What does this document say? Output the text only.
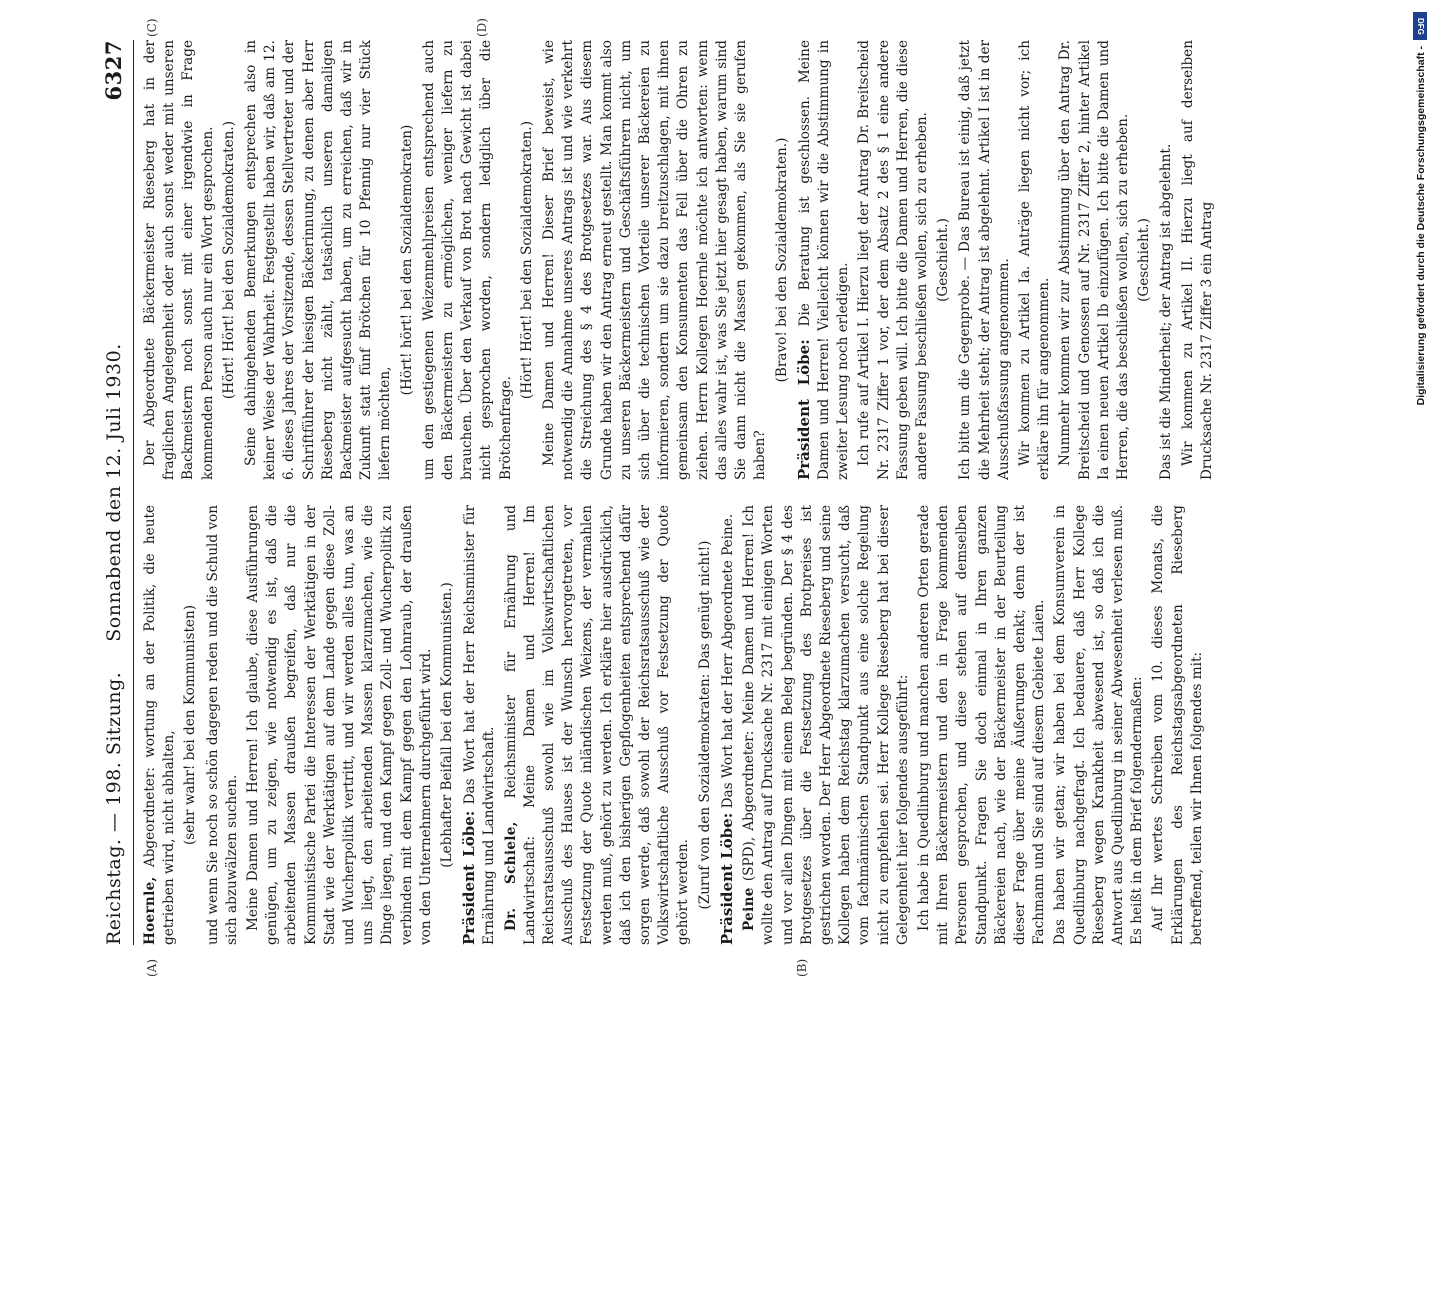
Reichstag. — 198. Sitzung.
Sonnabend den 12. Juli 1930.
6327
(A)	(B)
(C)	(D)

Hoernle, Abgeordneter: wortung an der Politik, die heute getrieben wird, nicht abhalten, (sehr wahr! bei den Kommunisten) und wenn Sie noch so schön dagegen reden und die Schuld von sich abzuwälzen suchen. Meine Damen und Herren! Ich glaube, diese Ausführungen genügen, um zu zeigen, wie notwendig es ist, daß die arbeitenden Massen draußen begreifen, daß nur die Kommunistische Partei die Interessen der Werktätigen in der Stadt wie der Werktätigen auf dem Lande gegen diese Zoll- und Wucherpolitik vertritt, und wir werden alles tun, was an uns liegt, den arbeitenden Massen klarzumachen, wie die Dinge liegen, und den Kampf gegen Zoll- und Wucherpolitik zu verbinden mit dem Kampf gegen den Lohnraub, der draußen von den Unternehmern durchgeführt wird. (Lebhafter Beifall bei den Kommunisten.)

Präsident Löbe: Das Wort hat der Herr Reichsminister für Ernährung und Landwirtschaft. Dr. Schiele, Reichsminister für Ernährung und Landwirtschaft: Meine Damen und Herren! Im Reichsratsausschuß sowohl wie im Volkswirtschaftlichen Ausschuß des Hauses ist der Wunsch hervorgetreten, vor Festsetzung der Quote inländischen Weizens, der vermahlen werden muß, gehört zu werden. Ich erkläre hier ausdrücklich, daß ich den bisherigen Gepflogenheiten entsprechend dafür sorgen werde, daß sowohl der Reichsratsausschuß wie der Volkswirtschaftliche Ausschuß vor Festsetzung der Quote gehört werden. (Zuruf von den Sozialdemokraten: Das genügt nicht!) Präsident Löbe: Das Wort hat der Herr Abgeordnete Peine.

Peine (SPD), Abgeordneter: Meine Damen und Herren! Ich wollte den Antrag auf Drucksache Nr. 2317 mit einigen Worten und vor allen Dingen mit einem Beleg begründen. Der § 4 des Brotgesetzes über die Festsetzung des Brotpreises ist gestrichen worden. Der Herr Abgeordnete Rieseberg und seine Kollegen haben dem Reichstag klarzumachen versucht, daß vom fachmännischen Standpunkt aus eine solche Regelung nicht zu empfehlen sei. Herr Kollege Rieseberg hat bei dieser Gelegenheit hier folgendes ausgeführt: Ich habe in Quedlinburg und manchen anderen Orten gerade mit Ihren Bäckermeistern und den in Frage kommenden Personen gesprochen, und diese stehen auf demselben Standpunkt. Fragen Sie doch einmal in Ihren ganzen Bäckereien nach, wie der Bäckermeister in der Beurteilung dieser Frage über meine Äußerungen denkt; denn der ist Fachmann und Sie sind auf diesem Gebiete Laien. Das haben wir getan; wir haben bei dem Konsumverein in Quedlinburg nachgefragt. Ich bedauere, daß Herr Kollege Rieseberg wegen Krankheit abwesend ist, so daß ich die Antwort aus Quedlinburg in seiner Abwesenheit verlesen muß. Es heißt in dem Brief folgendermaßen: Auf Ihr wertes Schreiben vom 10. dieses Monats, die Erklärungen des Reichstagsabgeordneten Rieseberg betreffend, teilen wir Ihnen folgendes mit:

Der Abgeordnete Bäckermeister Rieseberg hat in der fraglichen Angelegenheit oder auch sonst weder mit unseren Backmeistern noch sonst mit einer irgendwie in Frage kommenden Person auch nur ein Wort gesprochen. (Hört! Hört! bei den Sozialdemokraten.) Seine dahingehenden Bemerkungen entsprechen also in keiner Weise der Wahrheit. Festgestellt haben wir, daß am 12. 6. dieses Jahres der Vorsitzende, dessen Stellvertreter und der Schriftführer der hiesigen Bäckerinnung, zu denen aber Herr Rieseberg nicht zählt, tatsächlich unseren damaligen Backmeister aufgesucht haben, um zu erreichen, daß wir in Zukunft statt fünf Brötchen für 10 Pfennig nur vier Stück liefern möchten,

(Hört! hört! bei den Sozialdemokraten) um den gestiegenen Weizenmehlpreisen entsprechend auch den Bäckermeistern zu ermöglichen, weniger liefern zu brauchen. Über den Verkauf von Brot nach Gewicht ist dabei nicht gesprochen worden, sondern lediglich über die Brötchenfrage.

(Hört! Hört! bei den Sozialdemokraten.) Meine Damen und Herren! Dieser Brief beweist, wie notwendig die Annahme unseres Antrags ist und wie verkehrt die Streichung des § 4 des Brotgesetzes war. Aus diesem Grunde haben wir den Antrag erneut gestellt. Man kommt also zu unseren Bäckermeistern und Geschäftsführern nicht, um sich über die technischen Vorteile unserer Bäckereien zu informieren, sondern um sie dazu breitzuschlagen, mit ihnen gemeinsam den Konsumenten das Fell über die Ohren zu ziehen. Herrn Kollegen Hoernle möchte ich antworten: wenn das alles wahr ist, was Sie jetzt hier gesagt haben, warum sind Sie dann nicht die Massen gekommen, als Sie sie gerufen haben?

(Bravo! bei den Sozialdemokraten.)

Präsident Löbe: Die Beratung ist geschlossen. Meine Damen und Herren! Vielleicht können wir die Abstimmung in zweiter Lesung noch erledigen. Ich rufe auf Artikel I. Hierzu liegt der Antrag Dr. Breitscheid Nr. 2317 Ziffer 1 vor, der dem Absatz 2 des § 1 eine andere Fassung geben will. Ich bitte die Damen und Herren, die diese andere Fassung beschließen wollen, sich zu erheben. (Geschieht.) Ich bitte um die Gegenprobe. — Das Bureau ist einig, daß jetzt die Mehrheit steht; der Antrag ist abgelehnt. Artikel I ist in der Ausschußfassung angenommen. Wir kommen zu Artikel Ia. Anträge liegen nicht vor; ich erkläre ihn für angenommen. Nunmehr kommen wir zur Abstimmung über den Antrag Dr. Breitscheid und Genossen auf Nr. 2317 Ziffer 2, hinter Artikel Ia einen neuen Artikel Ib einzufügen. Ich bitte die Damen und Herren, die das beschließen wollen, sich zu erheben. (Geschieht.) Das ist die Minderheit; der Antrag ist abgelehnt. Wir kommen zu Artikel II. Hierzu liegt auf derselben Drucksache Nr. 2317 Ziffer 3 ein Antrag

DFG
Digitalisierung gefördert durch die Deutsche Forschungsgemeinschaft -
